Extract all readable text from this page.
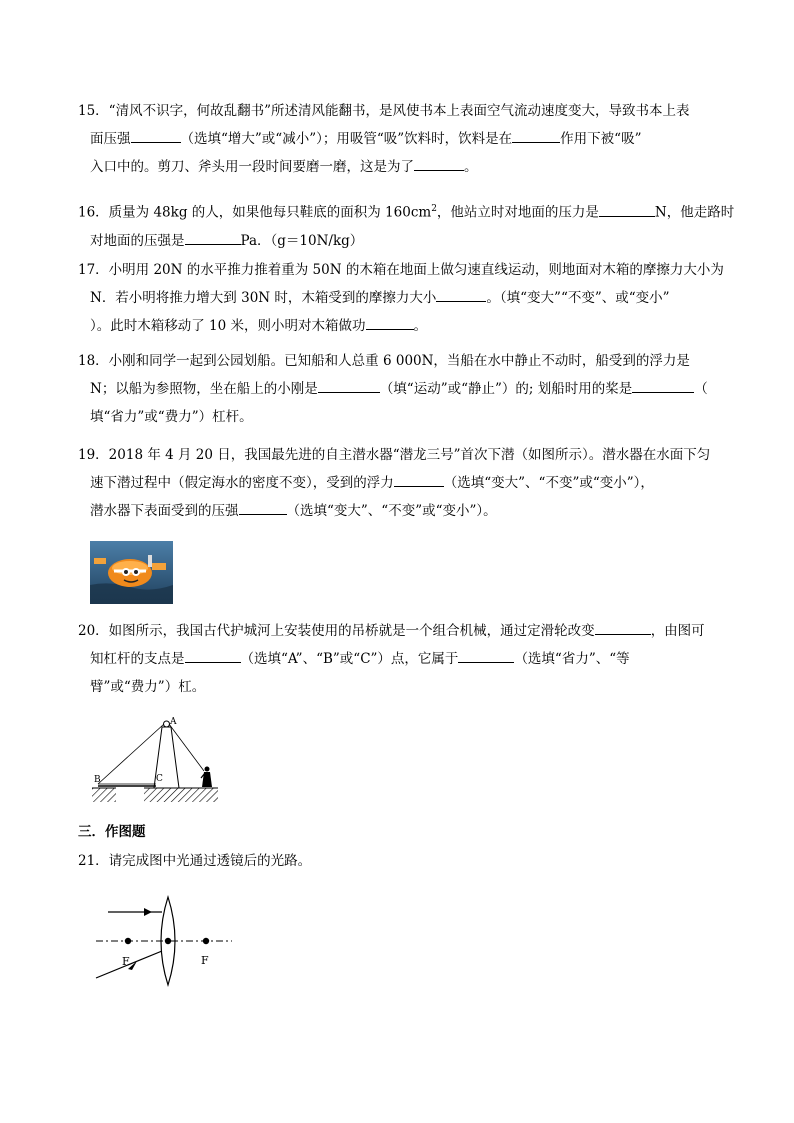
15．“清风不识字，何故乱翻书”所述清风能翻书，是风使书本上表面空气流动速度变大，导致书本上表
面压强	（选填“增大”或“减小”）；用吸管“吸”饮料时，饮料是在	作用下被“吸”
入口中的。剪刀、斧头用一段时间要磨一磨，这是为了	。
16．质量为 48kg 的人，如果他每只鞋底的面积为 $160cm^2$，他站立时对地面的压力是	N，他走路时
对地面的压强是	Pa．（g＝10N/kg）
17．小明用 20N 的水平推力推着重为 50N 的木箱在地面上做匀速直线运动，则地面对木箱的摩擦力大小为
N．若小明将推力增大到 30N 时，木箱受到的摩擦力大小	。（填“变大”“不变”、或“变小”
）。此时木箱移动了 10 米，则小明对木箱做功	。
18．小刚和同学一起到公园划船。已知船和人总重 6 000N，当船在水中静止不动时，船受到的浮力是
N；以船为参照物，坐在船上的小刚是	（填“运动”或“静止”）的; 划船时用的桨是	（
填“省力”或“费力”）杠杆。
19．2018 年 4 月 20 日，我国最先进的自主潜水器“潜龙三号”首次下潜（如图所示）。潜水器在水面下匀
速下潜过程中（假定海水的密度不变），受到的浮力	（选填“变大”、“不变”或“变小”），
潜水器下表面受到的压强	（选填“变大”、“不变”或“变小”）。
20．如图所示，我国古代护城河上安装使用的吊桥就是一个组合机械，通过定滑轮改变	，由图可
知杠杆的支点是	（选填“A”、“B”或“C”）点，它属于	（选填“省力”、“等
臂”或“费力”）杠。
A
B	C
三．作图题
21．请完成图中光通过透镜后的光路。
F	F
